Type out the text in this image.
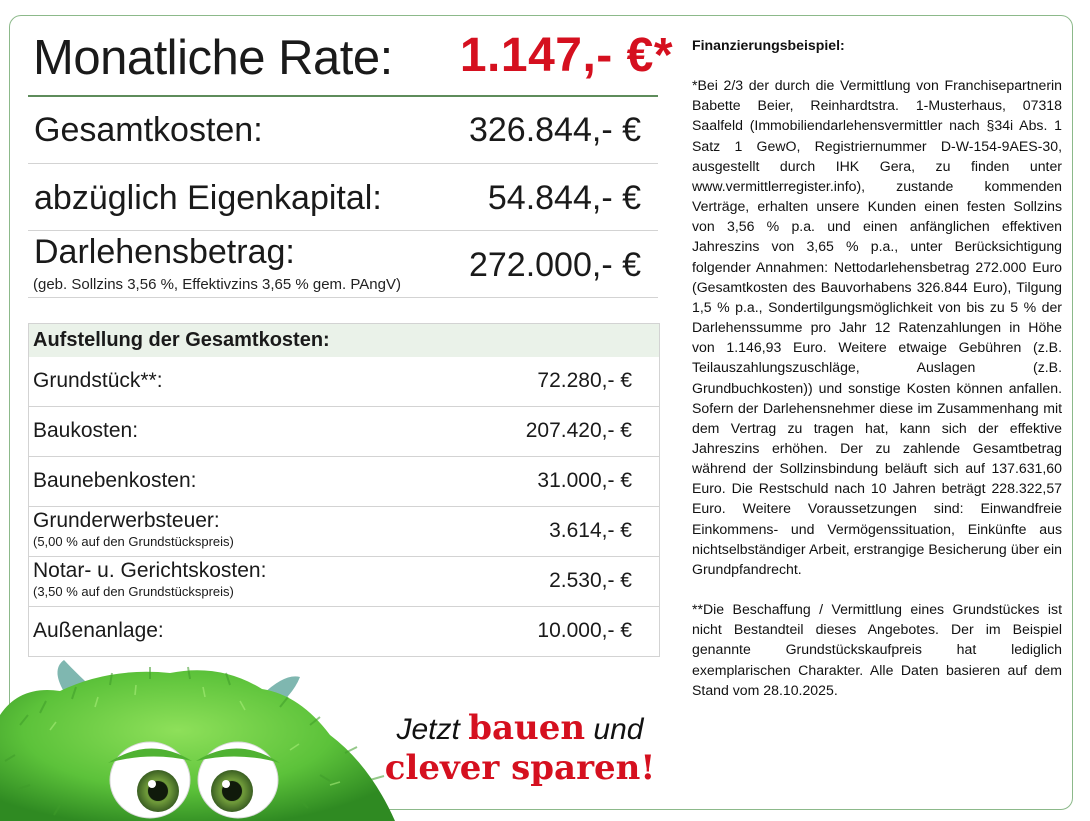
Monatliche Rate: 1.147,- €*
Gesamtkosten:	326.844,- €
abzüglich Eigenkapital:	54.844,- €
Darlehensbetrag:	272.000,- €
(geb. Sollzins 3,56 %, Effektivzins 3,65 % gem. PAngV)
Aufstellung der Gesamtkosten:
Grundstück**:	72.280,- €
Baukosten:	207.420,- €
Baunebenkosten:	31.000,- €
Grunderwerbsteuer:
(5,00 % auf den Grundstückspreis)	3.614,- €
Notar- u. Gerichtskosten:
(3,50 % auf den Grundstückspreis)	2.530,- €
Außenanlage:	10.000,- €

Finanzierungsbeispiel:

*Bei 2/3 der durch die Vermittlung von Franchisepartnerin Babette Beier, Reinhardtstra. 1-Musterhaus, 07318 Saalfeld (Immobiliendarlehensvermittler nach §34i Abs. 1 Satz 1 GewO, Registriernummer D-W-154-9AES-30, ausgestellt durch IHK Gera, zu finden unter www.vermittlerregister.info), zustande kommenden Verträge, erhalten unsere Kunden einen festen Sollzins von 3,56 % p.a. und einen anfänglichen effektiven Jahreszins von 3,65 % p.a., unter Berücksichtigung folgender Annahmen: Nettodarlehensbetrag 272.000 Euro (Gesamtkosten des Bauvorhabens 326.844 Euro), Tilgung 1,5 % p.a., Sondertilgungsmöglichkeit von bis zu 5 % der Darlehenssumme pro Jahr 12 Ratenzahlungen in Höhe von 1.146,93 Euro. Weitere etwaige Gebühren (z.B. Teilauszahlungszuschläge, Auslagen (z.B. Grundbuchkosten)) und sonstige Kosten können anfallen. Sofern der Darlehensnehmer diese im Zusammenhang mit dem Vertrag zu tragen hat, kann sich der effektive Jahreszins erhöhen. Der zu zahlende Gesamtbetrag während der Sollzinsbindung beläuft sich auf 137.631,60 Euro. Die Restschuld nach 10 Jahren beträgt 228.322,57 Euro. Weitere Voraussetzungen sind: Einwandfreie Einkommens- und Vermögenssituation, Einkünfte aus nichtselbständiger Arbeit, erstrangige Besicherung über ein Grundpfandrecht.

**Die Beschaffung / Vermittlung eines Grundstückes ist nicht Bestandteil dieses Angebotes. Der im Beispiel genannte Grundstückskaufpreis hat lediglich exemplarischen Charakter. Alle Daten basieren auf dem Stand vom 28.10.2025.

Jetzt bauen und
clever sparen!
